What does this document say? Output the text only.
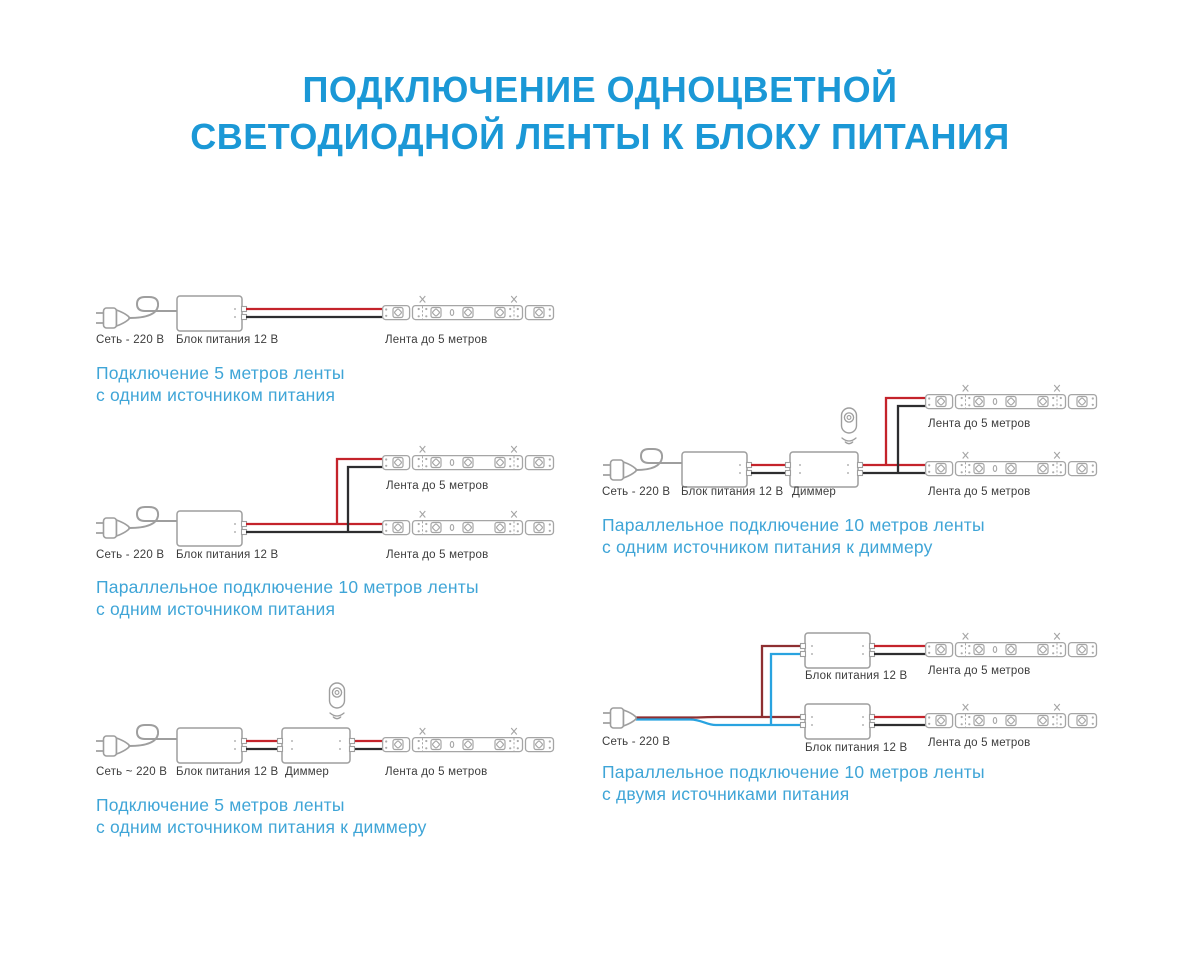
ПОДКЛЮЧЕНИЕ ОДНОЦВЕТНОЙ
СВЕТОДИОДНОЙ ЛЕНТЫ К БЛОКУ ПИТАНИЯ
Сеть - 220 В Блок питания 12 В	Лента до 5 метров
Подключение 5 метров ленты
с одним источником питания
Лента до 5 метров
Сеть - 220 В Блок питания 12 В	Лента до 5 метров
Параллельное подключение 10 метров ленты
с одним источником питания
Сеть ~ 220 В Блок питания 12 В Диммер	Лента до 5 метров
Подключение 5 метров ленты
с одним источником питания к диммеру
Лента до 5 метров
Сеть - 220 В Блок питания 12 В Диммер	Лента до 5 метров
Параллельное подключение 10 метров ленты
с одним источником питания к диммеру
Лента до 5 метров
Блок питания 12 В
Сеть - 220 В	Лента до 5 метров
Блок питания 12 В
Параллельное подключение 10 метров ленты
с двумя источниками питания
